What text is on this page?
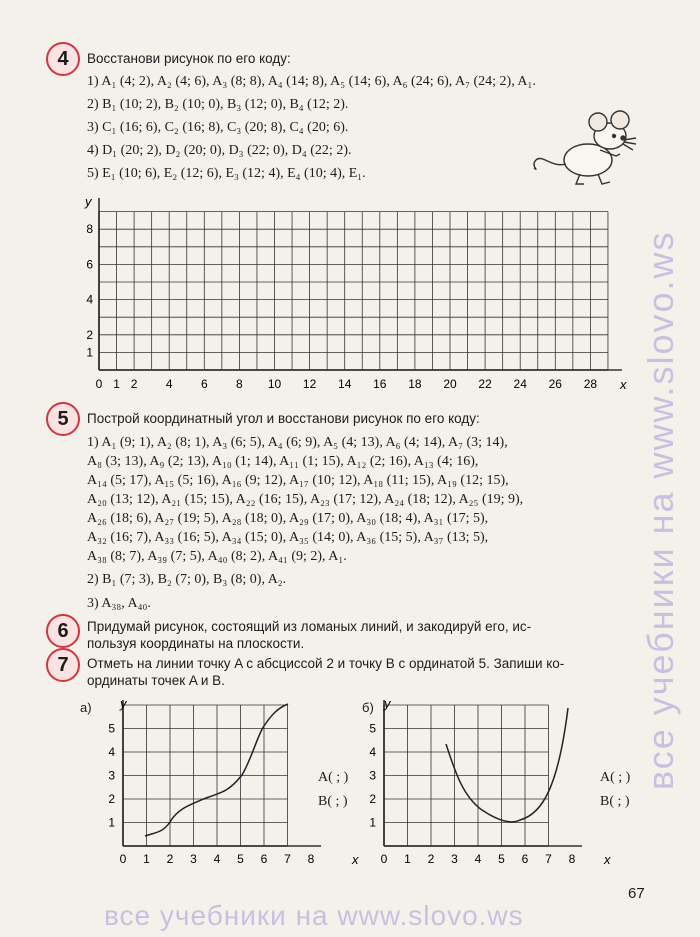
4	Восстанови рисунок по его коду:
1) A₁ (4; 2), A₂ (4; 6), A₃ (8; 8), A₄ (14; 8), A₅ (14; 6), A₆ (24; 6), A₇ (24; 2), A₁.
2) B₁ (10; 2), B₂ (10; 0), B₃ (12; 0), B₄ (12; 2).
3) C₁ (16; 6), C₂ (16; 8), C₃ (20; 8), C₄ (20; 6).
4) D₁ (20; 2), D₂ (20; 0), D₃ (22; 0), D₄ (22; 2).
5) E₁ (10; 6), E₂ (12; 6), E₃ (12; 4), E₄ (10; 4), E₁.
1
2
4
6
8
0 1 2 4 6 8 10 12 14 16 18 20 22 24 26 28
y
x
5	Построй координатный угол и восстанови рисунок по его коду:
1) A₁ (9; 1), A₂ (8; 1), A₃ (6; 5), A₄ (6; 9), A₅ (4; 13), A₆ (4; 14), A₇ (3; 14),
A₈ (3; 13), A₉ (2; 13), A₁₀ (1; 14), A₁₁ (1; 15), A₁₂ (2; 16), A₁₃ (4; 16),
A₁₄ (5; 17), A₁₅ (5; 16), A₁₆ (9; 12), A₁₇ (10; 12), A₁₈ (11; 15), A₁₉ (12; 15),
A₂₀ (13; 12), A₂₁ (15; 15), A₂₂ (16; 15), A₂₃ (17; 12), A₂₄ (18; 12), A₂₅ (19; 9),
A₂₆ (18; 6), A₂₇ (19; 5), A₂₈ (18; 0), A₂₉ (17; 0), A₃₀ (18; 4), A₃₁ (17; 5),
A₃₂ (16; 7), A₃₃ (16; 5), A₃₄ (15; 0), A₃₅ (14; 0), A₃₆ (15; 5), A₃₇ (13; 5),
A₃₈ (8; 7), A₃₉ (7; 5), A₄₀ (8; 2), A₄₁ (9; 2), A₁.
2) B₁ (7; 3), B₂ (7; 0), B₃ (8; 0), A₂.
3) A₃₈, A₄₀.
6	Придумай рисунок, состоящий из ломаных линий, и закодируй его, ис-
пользуя координаты на плоскости.
7	Отметь на линии точку A с абсциссой 2 и точку B с ординатой 5. Запиши ко-
ординаты точек A и B.
а)
0 1 2 3 4 5 6 7 8
1
2
3
4
5
y
x
A( ; )
B( ; )
б)
0 1 2 3 4 5 6 7 8
1
2
3
4
5
y
x
A( ; )
B( ; )
67
все учебники на www.slovo.ws
все учебники на www.slovo.ws
